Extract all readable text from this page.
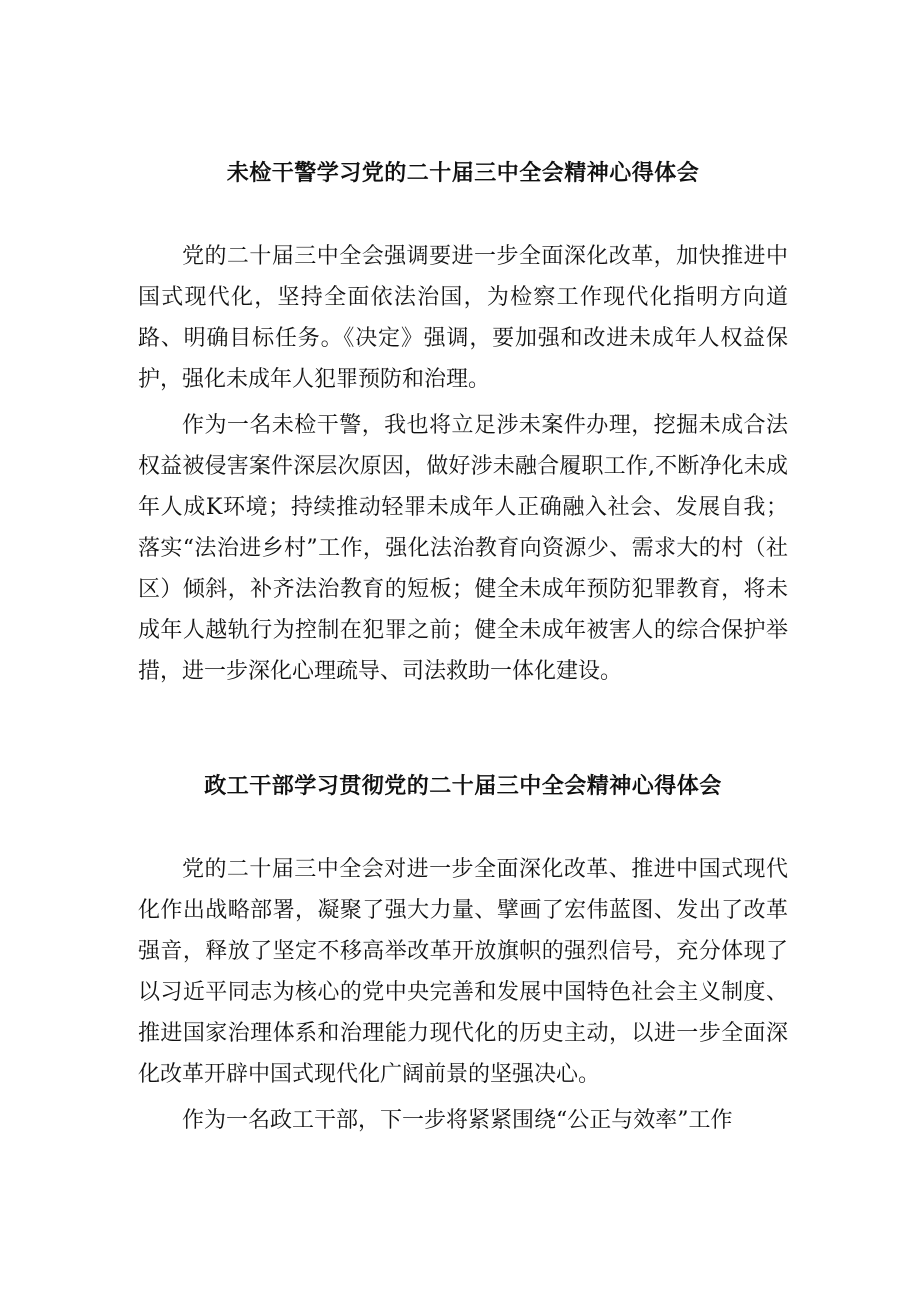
未检干警学习党的二十届三中全会精神心得体会

党的二十届三中全会强调要进一步全面深化改革，加快推进中国式现代化，坚持全面依法治国，为检察工作现代化指明方向道路、明确目标任务。《决定》强调，要加强和改进未成年人权益保护，强化未成年人犯罪预防和治理。

作为一名未检干警，我也将立足涉未案件办理，挖掘未成合法权益被侵害案件深层次原因，做好涉未融合履职工作,不断净化未成年人成K环境；持续推动轻罪未成年人正确融入社会、发展自我；落实“法治进乡村”工作，强化法治教育向资源少、需求大的村（社区）倾斜，补齐法治教育的短板；健全未成年预防犯罪教育，将未成年人越轨行为控制在犯罪之前；健全未成年被害人的综合保护举措，进一步深化心理疏导、司法救助一体化建设。

政工干部学习贯彻党的二十届三中全会精神心得体会

党的二十届三中全会对进一步全面深化改革、推进中国式现代化作出战略部署，凝聚了强大力量、擘画了宏伟蓝图、发出了改革强音，释放了坚定不移高举改革开放旗帜的强烈信号，充分体现了以习近平同志为核心的党中央完善和发展中国特色社会主义制度、推进国家治理体系和治理能力现代化的历史主动，以进一步全面深化改革开辟中国式现代化广阔前景的坚强决心。

作为一名政工干部，下一步将紧紧围绕“公正与效率”工作
